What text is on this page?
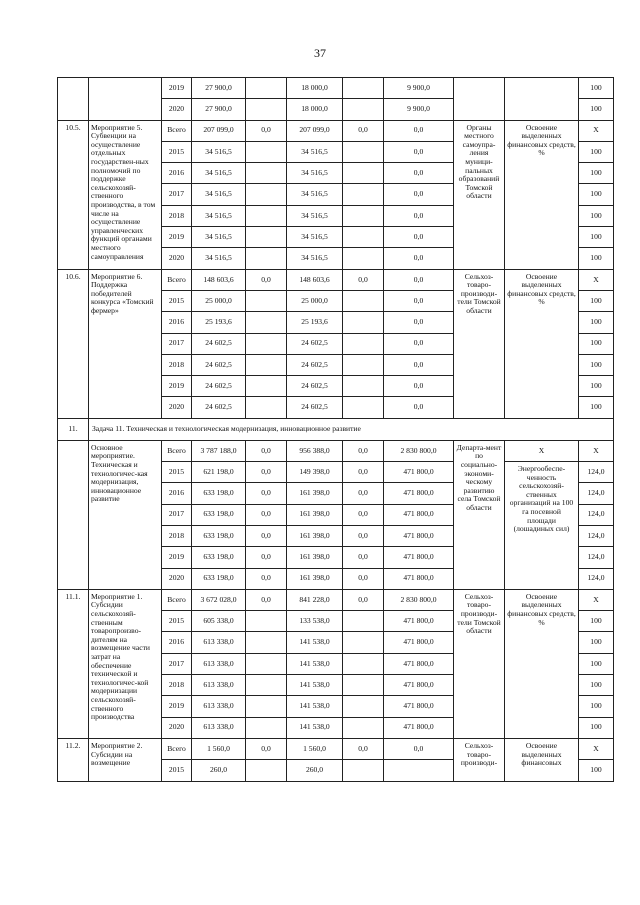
37
		2019	27 900,0		18 000,0		9 900,0			100
		2020	27 900,0		18 000,0		9 900,0			100
10.5.	Мероприятие 5. Субвенции на осуществление отдельных государствен-ных полномочий по поддержке сельскохозяй-ственного производства, в том числе на осуществление управленческих функций органами местного самоуправления	Всего	207 099,0	0,0	207 099,0	0,0	0,0	Органы местного самоупра-ления муници-пальных образований Томской области	Освоение выделенных финансовых средств, %	X
		2015	34 516,5		34 516,5		0,0			100
		2016	34 516,5		34 516,5		0,0			100
		2017	34 516,5		34 516,5		0,0			100
		2018	34 516,5		34 516,5		0,0			100
		2019	34 516,5		34 516,5		0,0			100
		2020	34 516,5		34 516,5		0,0			100
10.6.	Мероприятие 6. Поддержка победителей конкурса «Томский фермер»	Всего	148 603,6	0,0	148 603,6	0,0	0,0	Сельхоз-товаро-производи-тели Томской области	Освоение выделенных финансовых средств, %	X
		2015	25 000,0		25 000,0		0,0			100
		2016	25 193,6		25 193,6		0,0			100
		2017	24 602,5		24 602,5		0,0			100
		2018	24 602,5		24 602,5		0,0			100
		2019	24 602,5		24 602,5		0,0			100
		2020	24 602,5		24 602,5		0,0			100
11.	Задача 11. Техническая и технологическая модернизация, инновационное развитие									
	Основное мероприятие. Техническая и технологичес-кая модернизация, инновационное развитие	Всего	3 787 188,0	0,0	956 388,0	0,0	2 830 800,0	Департа-мент по социально-экономи-ческому развитию села Томской области	X	X
		2015	621 198,0	0,0	149 398,0	0,0	471 800,0		Энергообеспе-ченность сельскохозяй-ственных организаций на 100 га посевной площади (лошадиных сил)	124,0
		2016	633 198,0	0,0	161 398,0	0,0	471 800,0			124,0
		2017	633 198,0	0,0	161 398,0	0,0	471 800,0			124,0
		2018	633 198,0	0,0	161 398,0	0,0	471 800,0			124,0
		2019	633 198,0	0,0	161 398,0	0,0	471 800,0			124,0
		2020	633 198,0	0,0	161 398,0	0,0	471 800,0			124,0
11.1.	Мероприятие 1. Субсидии сельскохозяй-ственным товаропроизво-дителям на возмещение части затрат на обеспечение технической и технологичес-кой модернизации сельскохозяй-ственного производства	Всего	3 672 028,0	0,0	841 228,0	0,0	2 830 800,0	Сельхоз-товаро-производи-тели Томской области	Освоение выделенных финансовых средств, %	X
		2015	605 338,0		133 538,0		471 800,0			100
		2016	613 338,0		141 538,0		471 800,0			100
		2017	613 338,0		141 538,0		471 800,0			100
		2018	613 338,0		141 538,0		471 800,0			100
		2019	613 338,0		141 538,0		471 800,0			100
		2020	613 338,0		141 538,0		471 800,0			100
11.2.	Мероприятие 2. Субсидии на возмещение	Всего	1 560,0	0,0	1 560,0	0,0	0,0	Сельхоз-товаро-производи-	Освоение выделенных финансовых	X
		2015	260,0		260,0					100
